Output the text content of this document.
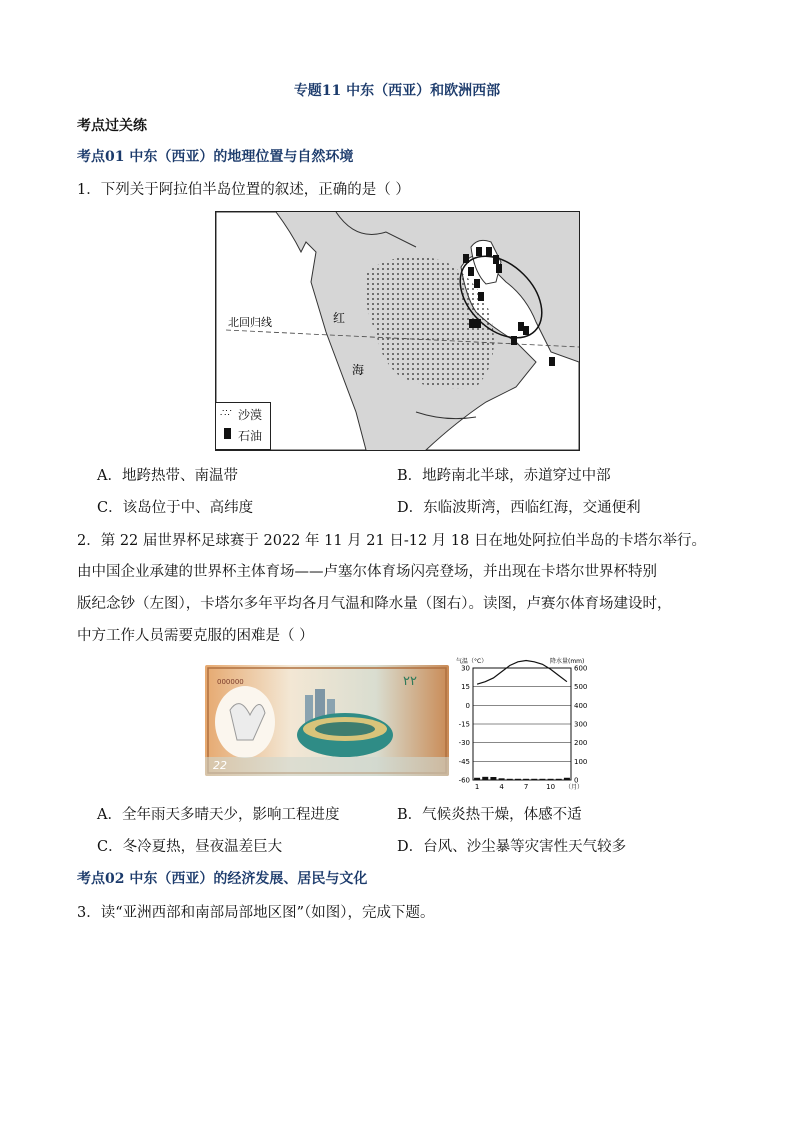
专题11 中东（西亚）和欧洲西部
考点过关练
考点01 中东（西亚）的地理位置与自然环境
1．下列关于阿拉伯半岛位置的叙述，正确的是（ ）
北回归线	红
海
∴∵ 沙漠
石油
A．地跨热带、南温带	B．地跨南北半球，赤道穿过中部
C．该岛位于中、高纬度	D．东临波斯湾，西临红海，交通便利
2．第 22 届世界杯足球赛于 2022 年 11 月 21 日-12 月 18 日在地处阿拉伯半岛的卡塔尔举行。
由中国企业承建的世界杯主体育场——卢塞尔体育场闪亮登场，并出现在卡塔尔世界杯特别
版纪念钞（左图），卡塔尔多年平均各月气温和降水量（图右）。读图，卢赛尔体育场建设时，
中方工作人员需要克服的困难是（ ）
٢٢
000000
22
气温（°C）	降水量(mm)
30
15
0
-15
-30
-45
-60
600
500
400
300
200
100
0
1	4	7	10 （月）
A．全年雨天多晴天少，影响工程进度	B．气候炎热干燥，体感不适
C．冬冷夏热，昼夜温差巨大	D．台风、沙尘暴等灾害性天气较多
考点02 中东（西亚）的经济发展、居民与文化
3．读“亚洲西部和南部局部地区图”（如图），完成下题。
